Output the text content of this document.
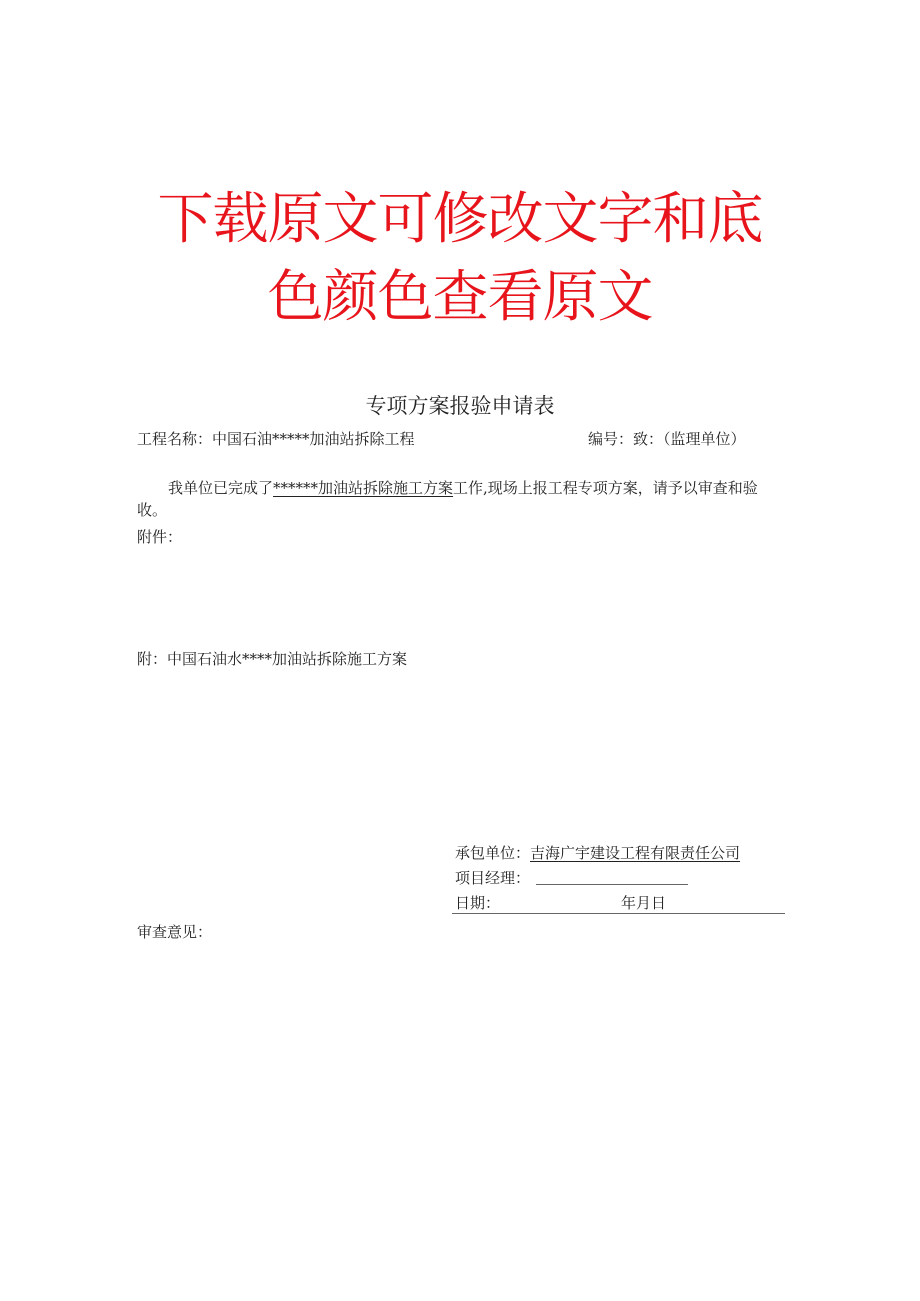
下载原文可修改文字和底
色颜色查看原文
专项方案报验申请表
工程名称：中国石油*****加油站拆除工程	编号：致：（监理单位）
我单位已完成了******加油站拆除施工方案工作,现场上报工程专项方案，请予以审查和验
收。
附件：
附：中国石油水****加油站拆除施工方案
承包单位：吉海广宇建设工程有限责任公司
项目经理：
日期：	年月日
审查意见：
